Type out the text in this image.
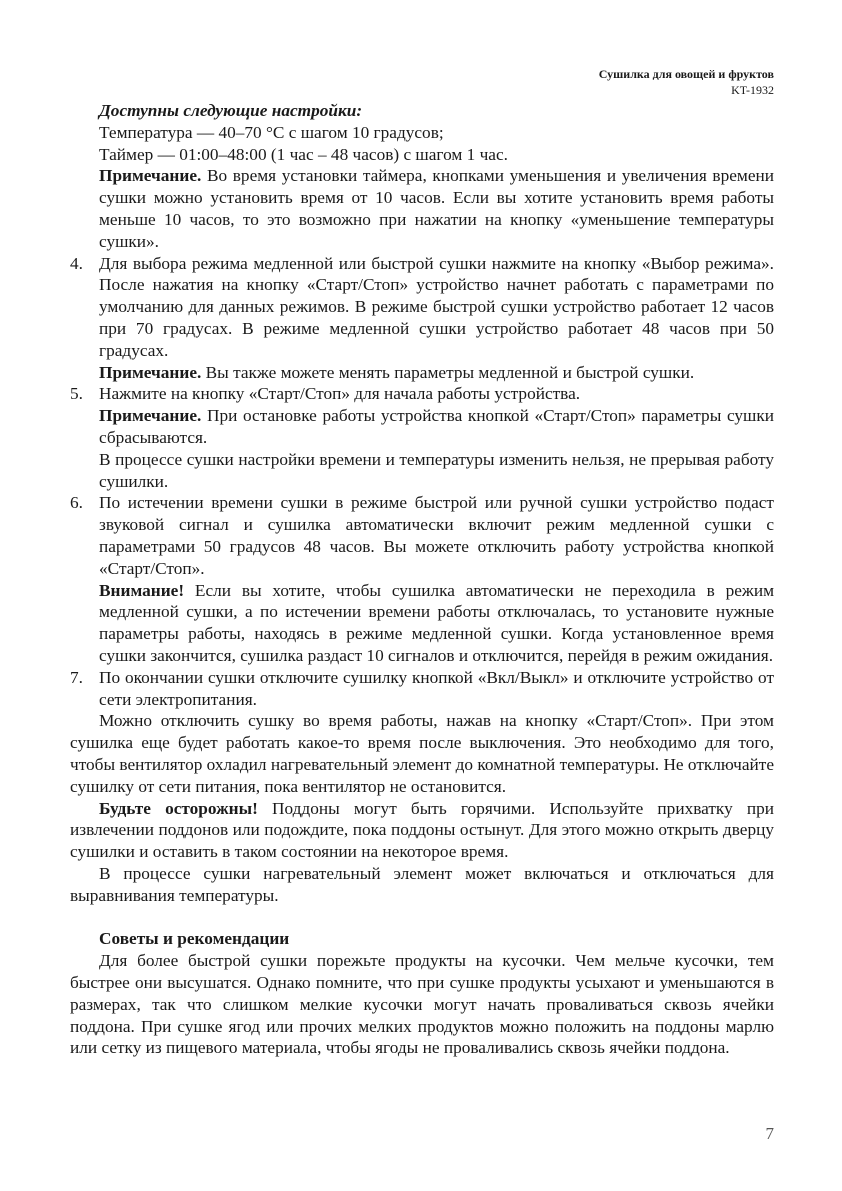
Сушилка для овощей и фруктов
KT-1932

Доступны следующие настройки:

Температура — 40–70 °С с шагом 10 градусов;

Таймер — 01:00–48:00 (1 час – 48 часов) с шагом 1 час.

Примечание. Во время установки таймера, кнопками уменьшения и увеличения времени сушки можно установить время от 10 часов. Если вы хотите установить время работы меньше 10 часов, то это возможно при нажатии на кнопку «уменьшение температуры сушки».

4. Для выбора режима медленной или быстрой сушки нажмите на кнопку «Выбор режима». После нажатия на кнопку «Старт/Стоп» устройство начнет работать с параметрами по умолчанию для данных режимов. В режиме быстрой сушки устройство работает 12 часов при 70 градусах. В режиме медленной сушки устройство работает 48 часов при 50 градусах.

Примечание. Вы также можете менять параметры медленной и быстрой сушки.

5. Нажмите на кнопку «Старт/Стоп» для начала работы устройства.

Примечание. При остановке работы устройства кнопкой «Старт/Стоп» параметры сушки сбрасываются.

В процессе сушки настройки времени и температуры изменить нельзя, не прерывая работу сушилки.

6. По истечении времени сушки в режиме быстрой или ручной сушки устройство подаст звуковой сигнал и сушилка автоматически включит режим медленной сушки с параметрами 50 градусов 48 часов. Вы можете отключить работу устройства кнопкой «Старт/Стоп».

Внимание! Если вы хотите, чтобы сушилка автоматически не переходила в режим медленной сушки, а по истечении времени работы отключалась, то установите нужные параметры работы, находясь в режиме медленной сушки. Когда установленное время сушки закончится, сушилка раздаст 10 сигналов и отключится, перейдя в режим ожидания.

7. По окончании сушки отключите сушилку кнопкой «Вкл/Выкл» и отключите устройство от сети электропитания.

Можно отключить сушку во время работы, нажав на кнопку «Старт/Стоп». При этом сушилка еще будет работать какое-то время после выключения. Это необходимо для того, чтобы вентилятор охладил нагревательный элемент до комнатной температуры. Не отключайте сушилку от сети питания, пока вентилятор не остановится.

Будьте осторожны! Поддоны могут быть горячими. Используйте прихватку при извлечении поддонов или подождите, пока поддоны остынут. Для этого можно открыть дверцу сушилки и оставить в таком состоянии на некоторое время.

В процессе сушки нагревательный элемент может включаться и отключаться для выравнивания температуры.

Советы и рекомендации

Для более быстрой сушки порежьте продукты на кусочки. Чем мельче кусочки, тем быстрее они высушатся. Однако помните, что при сушке продукты усыхают и уменьшаются в размерах, так что слишком мелкие кусочки могут начать проваливаться сквозь ячейки поддона. При сушке ягод или прочих мелких продуктов можно положить на поддоны марлю или сетку из пищевого материала, чтобы ягоды не проваливались сквозь ячейки поддона.

7
